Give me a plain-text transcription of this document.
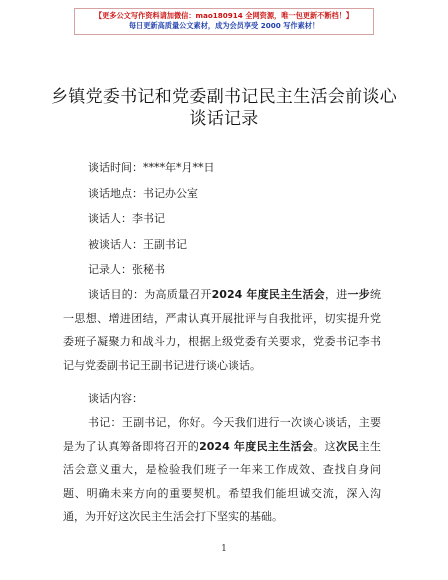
【更多公文写作资料请加微信：mao180914 全网资源，唯一包更新不断档！】
每日更新高质量公文素材，成为会员享受 2000 写作素材！
乡镇党委书记和党委副书记民主生活会前谈心
谈话记录
谈话时间：****年*月**日
谈话地点：书记办公室
谈话人：李书记
被谈话人：王副书记
记录人：张秘书
谈话目的：为高质量召开2024 年度民主生活会，进一步统一思想、增进团结，严肃认真开展批评与自我批评，切实提升党委班子凝聚力和战斗力，根据上级党委有关要求，党委书记李书记与党委副书记王副书记进行谈心谈话。
谈话内容：
书记：王副书记，你好。今天我们进行一次谈心谈话，主要是为了认真筹备即将召开的2024 年度民主生活会。这次民主生活会意义重大，是检验我们班子一年来工作成效、查找自身问题、明确未来方向的重要契机。希望我们能坦诚交流，深入沟通，为开好这次民主生活会打下坚实的基础。
1
